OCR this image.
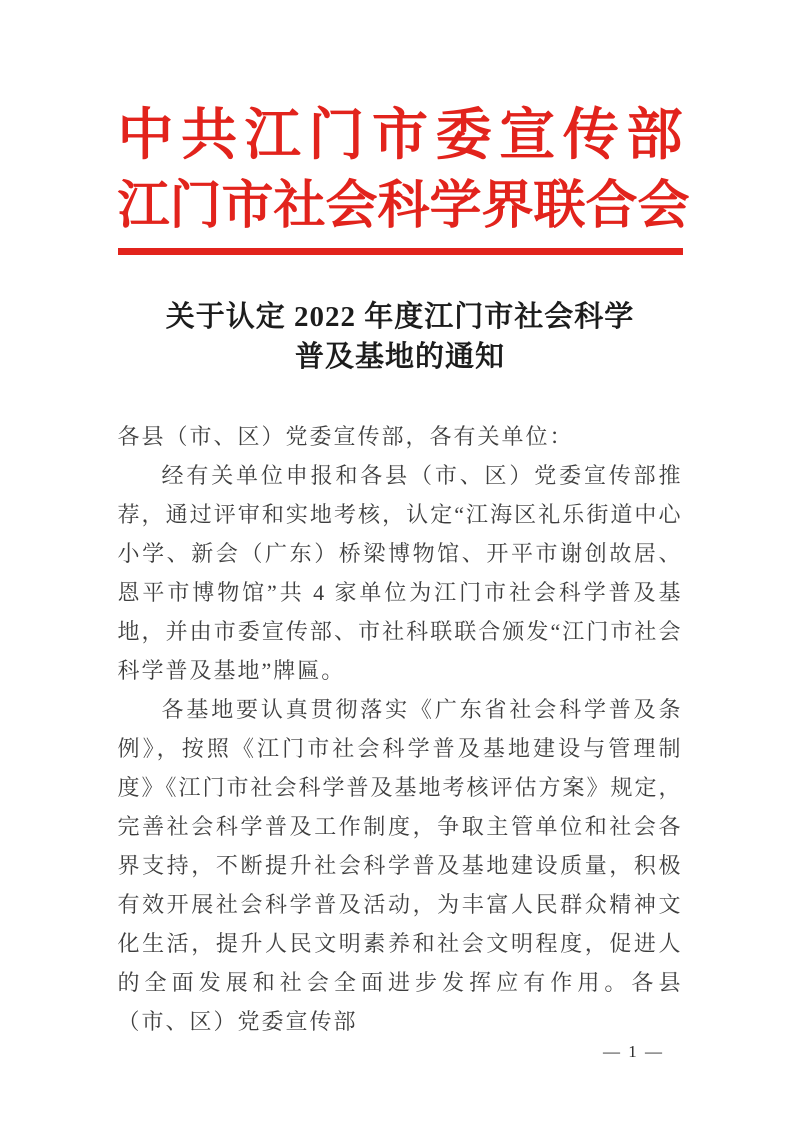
中共江门市委宣传部
江门市社会科学界联合会
关于认定 2022 年度江门市社会科学
普及基地的通知

各县（市、区）党委宣传部，各有关单位：

经有关单位申报和各县（市、区）党委宣传部推荐，通过评审和实地考核，认定“江海区礼乐街道中心小学、新会（广东）桥梁博物馆、开平市谢创故居、恩平市博物馆”共 4 家单位为江门市社会科学普及基地，并由市委宣传部、市社科联联合颁发“江门市社会科学普及基地”牌匾。

各基地要认真贯彻落实《广东省社会科学普及条例》，按照《江门市社会科学普及基地建设与管理制度》《江门市社会科学普及基地考核评估方案》规定，完善社会科学普及工作制度，争取主管单位和社会各界支持，不断提升社会科学普及基地建设质量，积极有效开展社会科学普及活动，为丰富人民群众精神文化生活，提升人民文明素养和社会文明程度，促进人的全面发展和社会全面进步发挥应有作用。各县（市、区）党委宣传部

— 1 —
